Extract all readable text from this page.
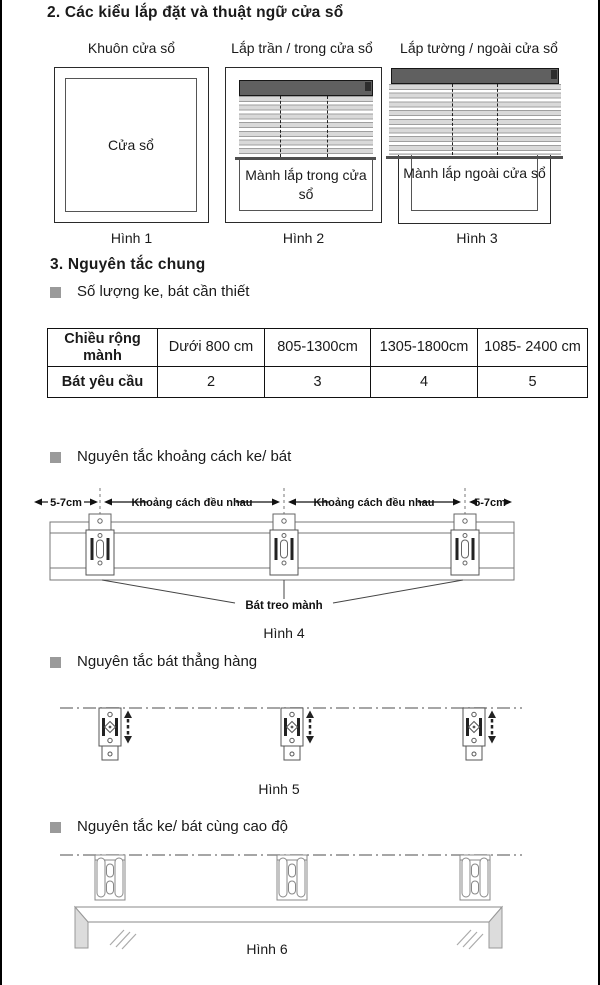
2. Các kiểu lắp đặt và thuật ngữ cửa sổ
Khuôn cửa sổ	Lắp trần / trong cửa sổ	Lắp tường / ngoài cửa sổ
Cửa sổ
Mành lắp trong cửa sổ
Mành lắp ngoài cửa sổ
Hình 1	Hình 2	Hình 3
3. Nguyên tắc chung
Số lượng ke, bát cần thiết
Chiều rộng mành	Dưới 800 cm	805-1300cm	1305-1800cm	1085- 2400 cm
Bát yêu cầu	2	3	4	5
Nguyên tắc khoảng cách ke/ bát
5-7cm	Khoảng cách đều nhau	Khoảng cách đều nhau	5-7cm
Bát treo mành
Hình 4
Nguyên tắc bát thẳng hàng
Hình 5
Nguyên tắc ke/ bát cùng cao độ
Hình 6
